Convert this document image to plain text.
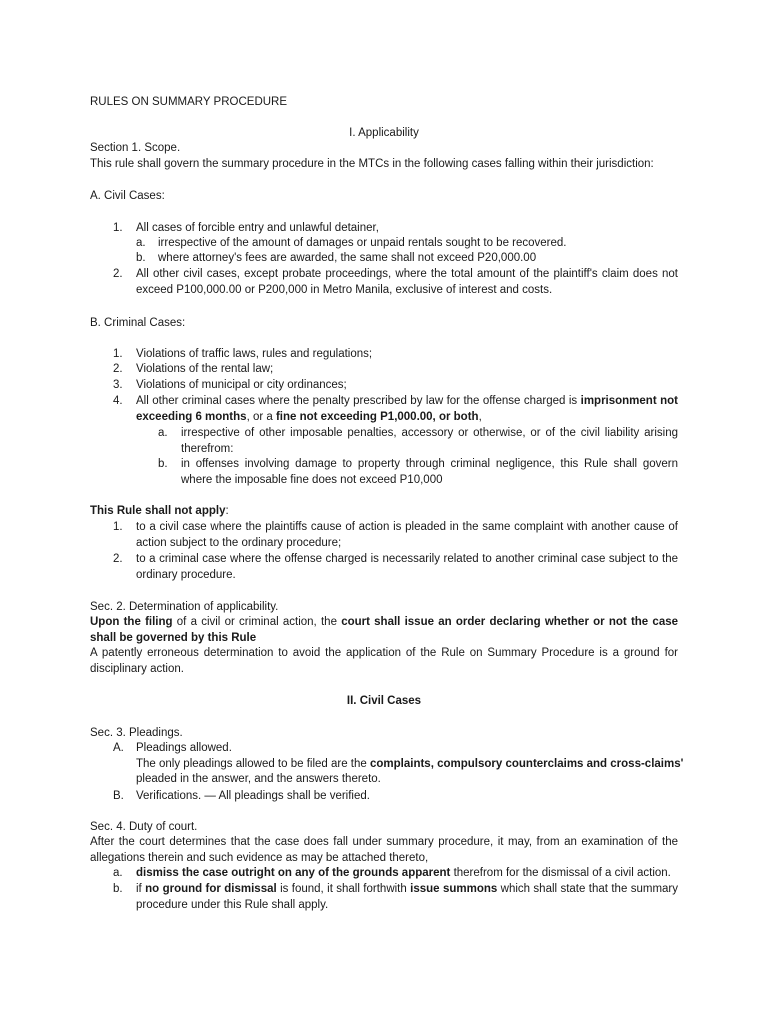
RULES ON SUMMARY PROCEDURE
I. Applicability
Section 1. Scope.
This rule shall govern the summary procedure in the MTCs in the following cases falling within their jurisdiction:
A. Civil Cases:
1. All cases of forcible entry and unlawful detainer,
a. irrespective of the amount of damages or unpaid rentals sought to be recovered.
b. where attorney's fees are awarded, the same shall not exceed P20,000.00
2. All other civil cases, except probate proceedings, where the total amount of the plaintiff's claim does not exceed P100,000.00 or P200,000 in Metro Manila, exclusive of interest and costs.
B. Criminal Cases:
1. Violations of traffic laws, rules and regulations;
2. Violations of the rental law;
3. Violations of municipal or city ordinances;
4. All other criminal cases where the penalty prescribed by law for the offense charged is imprisonment not exceeding 6 months, or a fine not exceeding P1,000.00, or both,
a. irrespective of other imposable penalties, accessory or otherwise, or of the civil liability arising therefrom:
b. in offenses involving damage to property through criminal negligence, this Rule shall govern where the imposable fine does not exceed P10,000
This Rule shall not apply:
1. to a civil case where the plaintiffs cause of action is pleaded in the same complaint with another cause of action subject to the ordinary procedure;
2. to a criminal case where the offense charged is necessarily related to another criminal case subject to the ordinary procedure.
Sec. 2. Determination of applicability.
Upon the filing of a civil or criminal action, the court shall issue an order declaring whether or not the case shall be governed by this Rule
A patently erroneous determination to avoid the application of the Rule on Summary Procedure is a ground for disciplinary action.
II. Civil Cases
Sec. 3. Pleadings.
A. Pleadings allowed.
The only pleadings allowed to be filed are the complaints, compulsory counterclaims and cross-claims'
pleaded in the answer, and the answers thereto.
B. Verifications. — All pleadings shall be verified.
Sec. 4. Duty of court.
After the court determines that the case does fall under summary procedure, it may, from an examination of the allegations therein and such evidence as may be attached thereto,
a. dismiss the case outright on any of the grounds apparent therefrom for the dismissal of a civil action.
b. if no ground for dismissal is found, it shall forthwith issue summons which shall state that the summary procedure under this Rule shall apply.
